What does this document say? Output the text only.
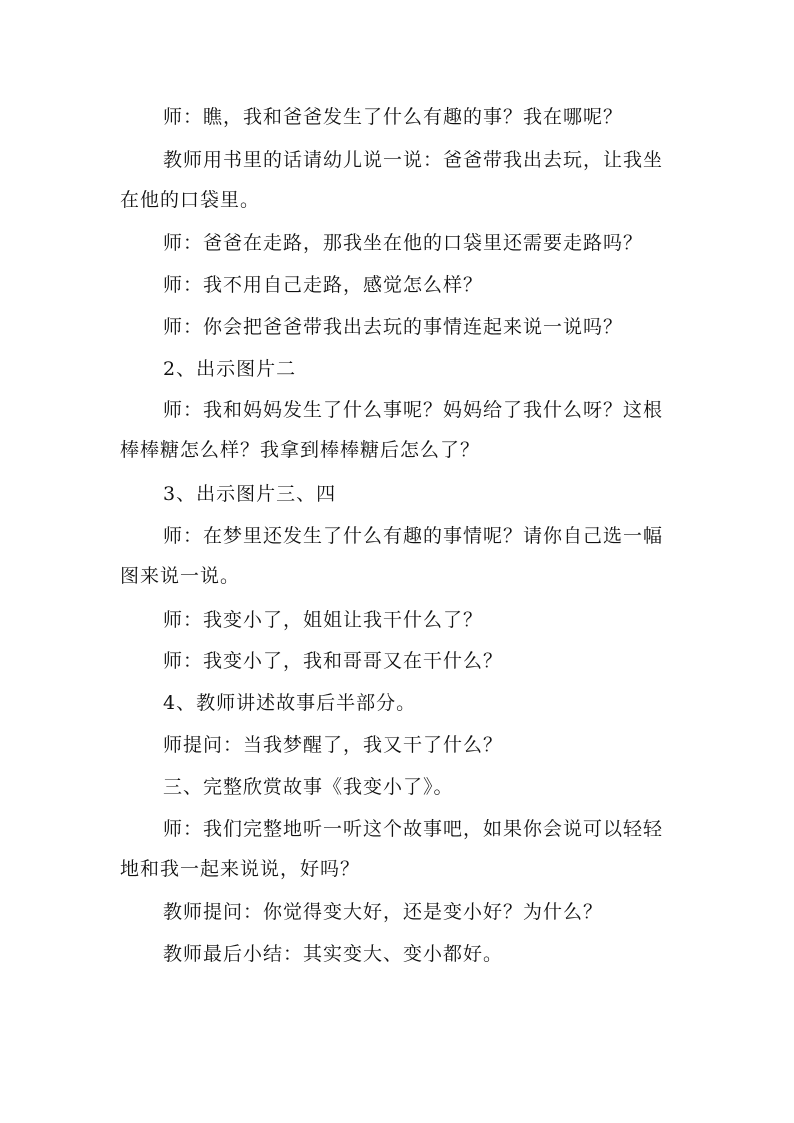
师：瞧，我和爸爸发生了什么有趣的事？我在哪呢？

教师用书里的话请幼儿说一说：爸爸带我出去玩，让我坐在他的口袋里。

师：爸爸在走路，那我坐在他的口袋里还需要走路吗？

师：我不用自己走路，感觉怎么样？

师：你会把爸爸带我出去玩的事情连起来说一说吗？

2、出示图片二

师：我和妈妈发生了什么事呢？妈妈给了我什么呀？这根棒棒糖怎么样？我拿到棒棒糖后怎么了？

3、出示图片三、四

师：在梦里还发生了什么有趣的事情呢？请你自己选一幅图来说一说。

师：我变小了，姐姐让我干什么了？

师：我变小了，我和哥哥又在干什么？

4、教师讲述故事后半部分。

师提问：当我梦醒了，我又干了什么？

三、完整欣赏故事《我变小了》。

师：我们完整地听一听这个故事吧，如果你会说可以轻轻地和我一起来说说，好吗？

教师提问：你觉得变大好，还是变小好？为什么？

教师最后小结：其实变大、变小都好。
